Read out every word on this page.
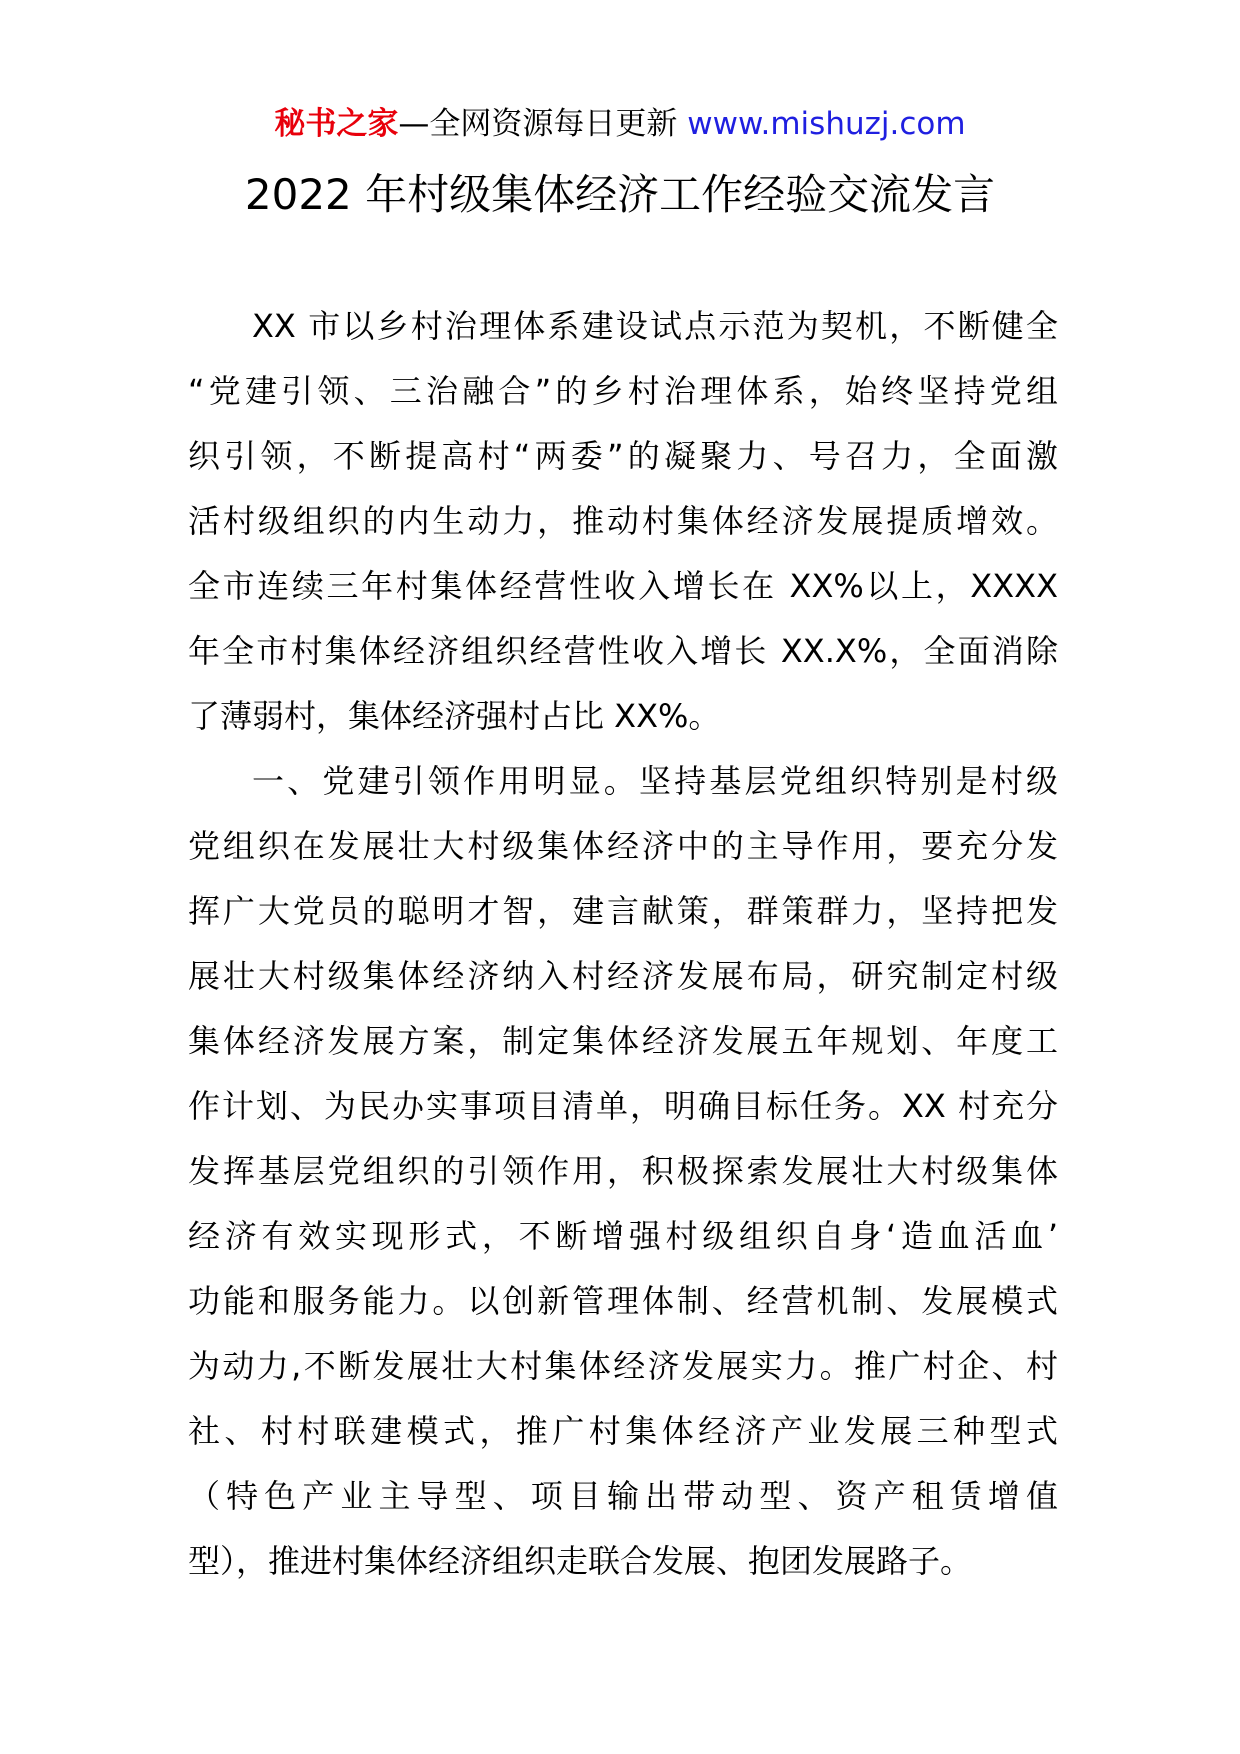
秘书之家—全网资源每日更新 www.mishuzj.com
2022 年村级集体经济工作经验交流发言
XX 市以乡村治理体系建设试点示范为契机，不断健全
“党建引领、三治融合”的乡村治理体系，始终坚持党组
织引领，不断提高村“两委”的凝聚力、号召力，全面激
活村级组织的内生动力，推动村集体经济发展提质增效。
全市连续三年村集体经营性收入增长在 XX%以上，XXXX
年全市村集体经济组织经营性收入增长 XX.X%，全面消除
了薄弱村，集体经济强村占比 XX%。
一、党建引领作用明显。坚持基层党组织特别是村级
党组织在发展壮大村级集体经济中的主导作用，要充分发
挥广大党员的聪明才智，建言献策，群策群力，坚持把发
展壮大村级集体经济纳入村经济发展布局，研究制定村级
集体经济发展方案，制定集体经济发展五年规划、年度工
作计划、为民办实事项目清单，明确目标任务。XX 村充分
发挥基层党组织的引领作用，积极探索发展壮大村级集体
经济有效实现形式，不断增强村级组织自身‘造血活血’
功能和服务能力。以创新管理体制、经营机制、发展模式
为动力,不断发展壮大村集体经济发展实力。推广村企、村
社、村村联建模式，推广村集体经济产业发展三种型式
（特色产业主导型、项目输出带动型、资产租赁增值
型），推进村集体经济组织走联合发展、抱团发展路子。
